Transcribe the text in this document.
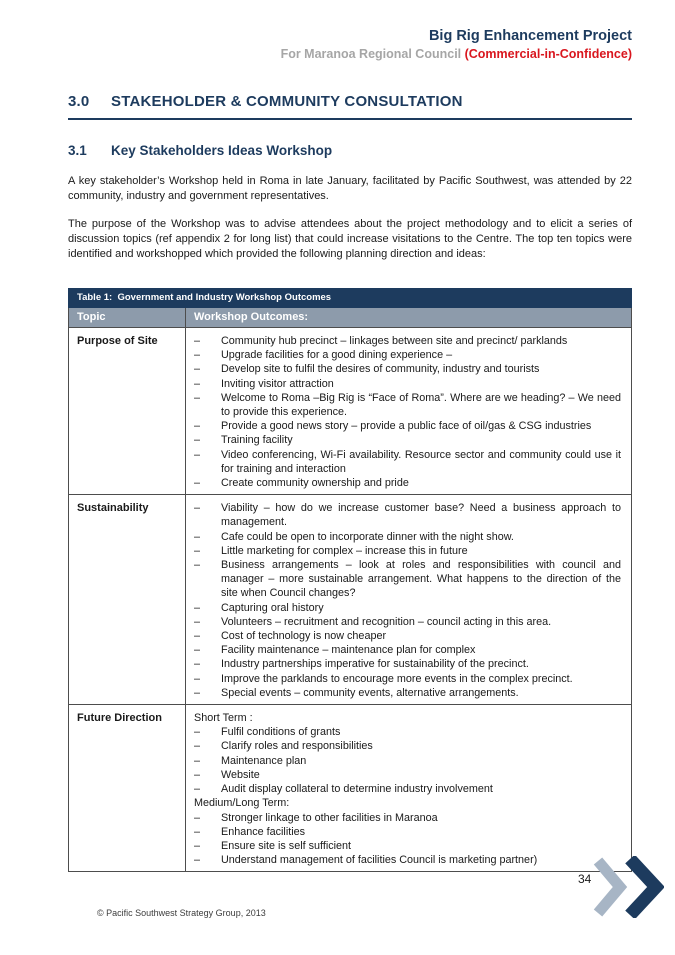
Big Rig Enhancement Project
For Maranoa Regional Council (Commercial-in-Confidence)
3.0 STAKEHOLDER & COMMUNITY CONSULTATION
3.1 Key Stakeholders Ideas Workshop

A key stakeholder’s Workshop held in Roma in late January, facilitated by Pacific Southwest, was attended by 22 community, industry and government representatives.

The purpose of the Workshop was to advise attendees about the project methodology and to elicit a series of discussion topics (ref appendix 2 for long list) that could increase visitations to the Centre. The top ten topics were identified and workshopped which provided the following planning direction and ideas:

Table 1:  Government and Industry Workshop Outcomes	
Topic	Workshop Outcomes:
Purpose of Site	–	Community hub precinct – linkages between site and precinct/ parklands
–	Upgrade facilities for a good dining experience –
–	Develop site to fulfil the desires of community, industry and tourists
–	Inviting visitor attraction
–	Welcome to Roma –Big Rig is “Face of Roma”. Where are we heading? – We need to provide this experience.
–	Provide a good news story – provide a public face of oil/gas & CSG industries
–	Training facility
–	Video conferencing, Wi-Fi availability. Resource sector and community could use it for training and interaction
–	Create community ownership and pride

Sustainability	–	Viability – how do we increase customer base? Need a business approach to management.
–	Cafe could be open to incorporate dinner with the night show.
–	Little marketing for complex – increase this in future
–	Business arrangements – look at roles and responsibilities with council and manager – more sustainable arrangement. What happens to the direction of the site when Council changes?
–	Capturing oral history
–	Volunteers – recruitment and recognition – council acting in this area.
–	Cost of technology is now cheaper
–	Facility maintenance – maintenance plan for complex
–	Industry partnerships imperative for sustainability of the precinct.
–	Improve the parklands to encourage more events in the complex precinct.
–	Special events – community events, alternative arrangements.

Future Direction	Short Term :
–	Fulfil conditions of grants
–	Clarify roles and responsibilities
–	Maintenance plan
–	Website
–	Audit display collateral to determine industry involvement
Medium/Long Term:
–	Stronger linkage to other facilities in Maranoa
–	Enhance facilities
–	Ensure site is self sufficient
–	Understand management of facilities Council is marketing partner)
34
© Pacific Southwest Strategy Group, 2013
